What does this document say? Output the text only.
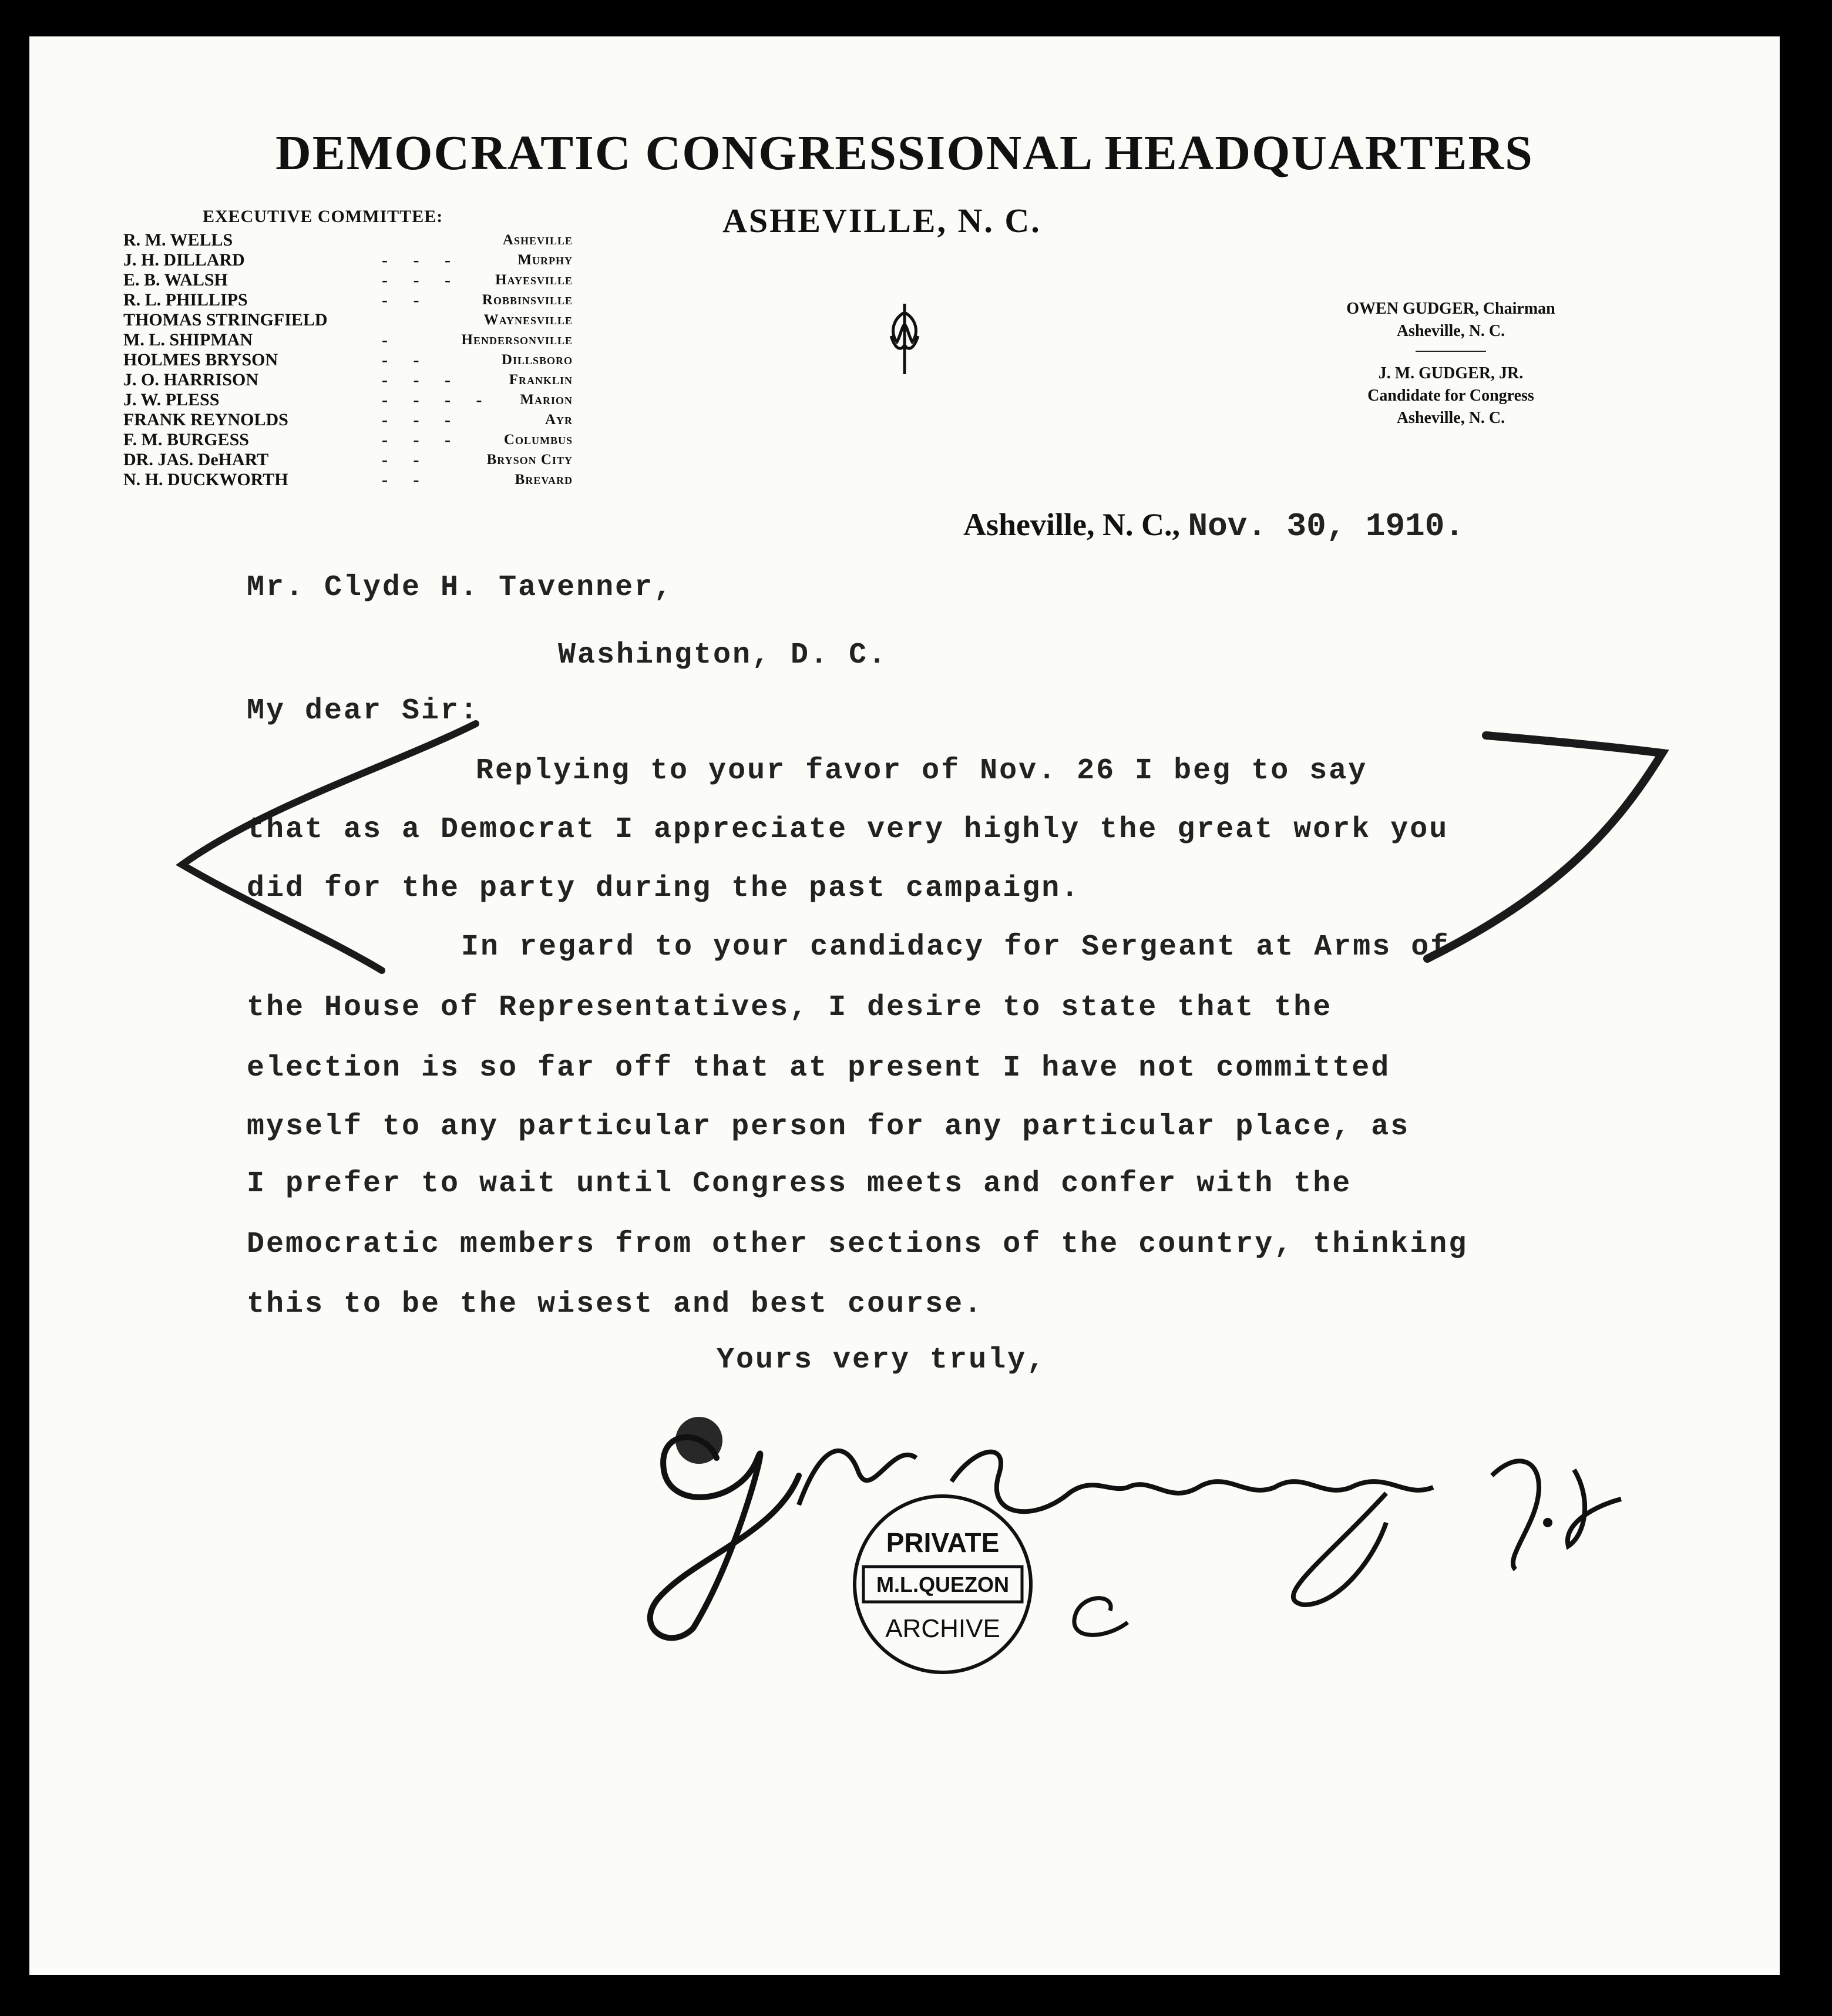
DEMOCRATIC CONGRESSIONAL HEADQUARTERS
ASHEVILLE, N. C.
EXECUTIVE COMMITTEE:
R. M. WELLS	Asheville
J. H. DILLARD	- - -	Murphy
E. B. WALSH	- - - Hayesville
R. L. PHILLIPS	- -	Robbinsville
THOMAS STRINGFIELD	Waynesville
M. L. SHIPMAN	-	Hendersonville
HOLMES BRYSON	- -	Dillsboro
J. O. HARRISON	- - -	Franklin
J. W. PLESS	- - - - Marion
FRANK REYNOLDS	- - -	Ayr
F. M. BURGESS	- - -	Columbus
DR. JAS. DeHART	- -	Bryson City
N. H. DUCKWORTH	- -	Brevard
OWEN GUDGER, Chairman
Asheville, N. C.
J. M. GUDGER, JR.
Candidate for Congress
Asheville, N. C.
Asheville, N. C., Nov. 30, 1910.
Mr. Clyde H. Tavenner,
Washington, D. C.
My dear Sir:
Replying to your favor of Nov. 26 I beg to say
that as a Democrat I appreciate very highly the great work you
did for the party during the past campaign.
In regard to your candidacy for Sergeant at Arms of
the House of Representatives, I desire to state that the
election is so far off that at present I have not committed
myself to any particular person for any particular place, as
I prefer to wait until Congress meets and confer with the
Democratic members from other sections of the country, thinking
this to be the wisest and best course.
Yours very truly,
M.L.QUEZON
PRIVATE
ARCHIVE
